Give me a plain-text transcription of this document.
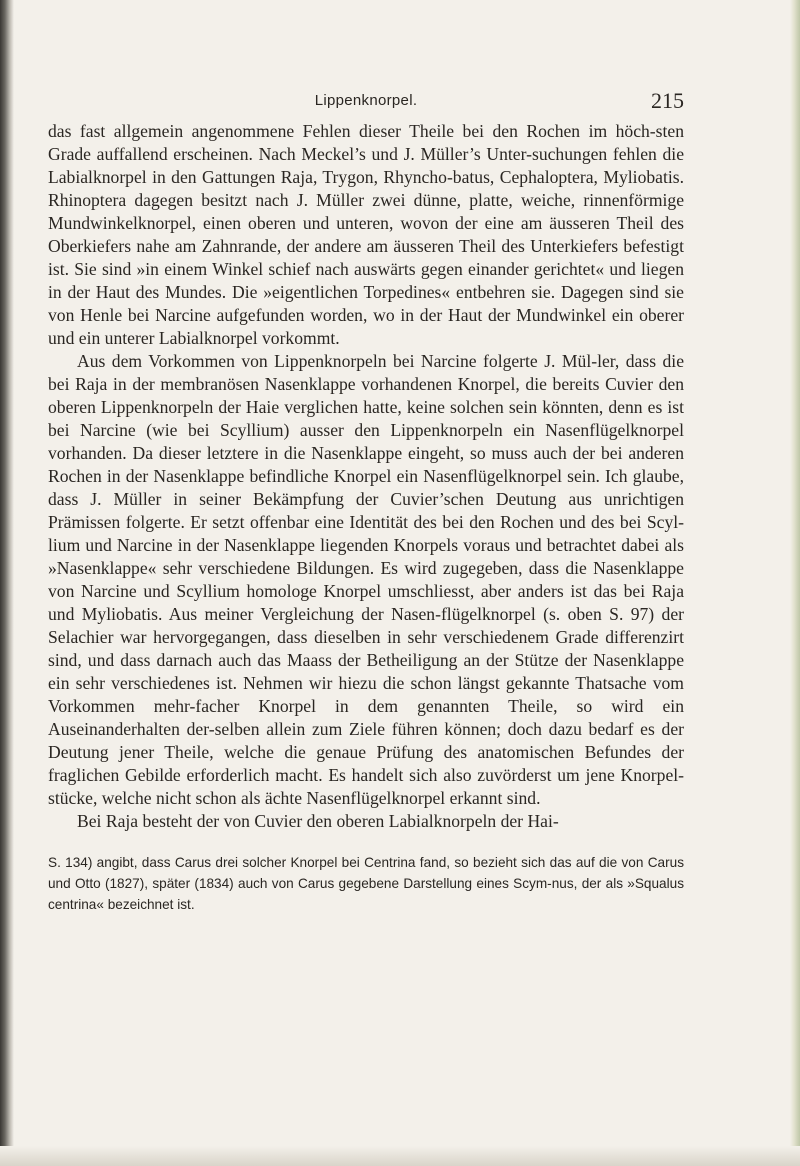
Lippenknorpel.	215

das fast allgemein angenommene Fehlen dieser Theile bei den Rochen im höch-sten Grade auffallend erscheinen. Nach Meckel’s und J. Müller’s Unter-suchungen fehlen die Labialknorpel in den Gattungen Raja, Trygon, Rhyncho-batus, Cephaloptera, Myliobatis. Rhinoptera dagegen besitzt nach J. Müller zwei dünne, platte, weiche, rinnenförmige Mundwinkelknorpel, einen oberen und unteren, wovon der eine am äusseren Theil des Oberkiefers nahe am Zahnrande, der andere am äusseren Theil des Unterkiefers befestigt ist. Sie sind »in einem Winkel schief nach auswärts gegen einander gerichtet« und liegen in der Haut des Mundes. Die »eigentlichen Torpedines« entbehren sie. Dagegen sind sie von Henle bei Narcine aufgefunden worden, wo in der Haut der Mundwinkel ein oberer und ein unterer Labialknorpel vorkommt.

Aus dem Vorkommen von Lippenknorpeln bei Narcine folgerte J. Mül-ler, dass die bei Raja in der membranösen Nasenklappe vorhandenen Knorpel, die bereits Cuvier den oberen Lippenknorpeln der Haie verglichen hatte, keine solchen sein könnten, denn es ist bei Narcine (wie bei Scyllium) ausser den Lippenknorpeln ein Nasenflügelknorpel vorhanden. Da dieser letztere in die Nasenklappe eingeht, so muss auch der bei anderen Rochen in der Nasenklappe befindliche Knorpel ein Nasenflügelknorpel sein. Ich glaube, dass J. Müller in seiner Bekämpfung der Cuvier’schen Deutung aus unrichtigen Prämissen folgerte. Er setzt offenbar eine Identität des bei den Rochen und des bei Scyl-lium und Narcine in der Nasenklappe liegenden Knorpels voraus und betrachtet dabei als »Nasenklappe« sehr verschiedene Bildungen. Es wird zugegeben, dass die Nasenklappe von Narcine und Scyllium homologe Knorpel umschliesst, aber anders ist das bei Raja und Myliobatis. Aus meiner Vergleichung der Nasen-flügelknorpel (s. oben S. 97) der Selachier war hervorgegangen, dass dieselben in sehr verschiedenem Grade differenzirt sind, und dass darnach auch das Maass der Betheiligung an der Stütze der Nasenklappe ein sehr verschiedenes ist. Nehmen wir hiezu die schon längst gekannte Thatsache vom Vorkommen mehr-facher Knorpel in dem genannten Theile, so wird ein Auseinanderhalten der-selben allein zum Ziele führen können; doch dazu bedarf es der Deutung jener Theile, welche die genaue Prüfung des anatomischen Befundes der fraglichen Gebilde erforderlich macht. Es handelt sich also zuvörderst um jene Knorpel-stücke, welche nicht schon als ächte Nasenflügelknorpel erkannt sind.

Bei Raja besteht der von Cuvier den oberen Labialknorpeln der Hai-

S. 134) angibt, dass Carus drei solcher Knorpel bei Centrina fand, so bezieht sich das auf die von Carus und Otto (1827), später (1834) auch von Carus gegebene Darstellung eines Scym-nus, der als »Squalus centrina« bezeichnet ist.
